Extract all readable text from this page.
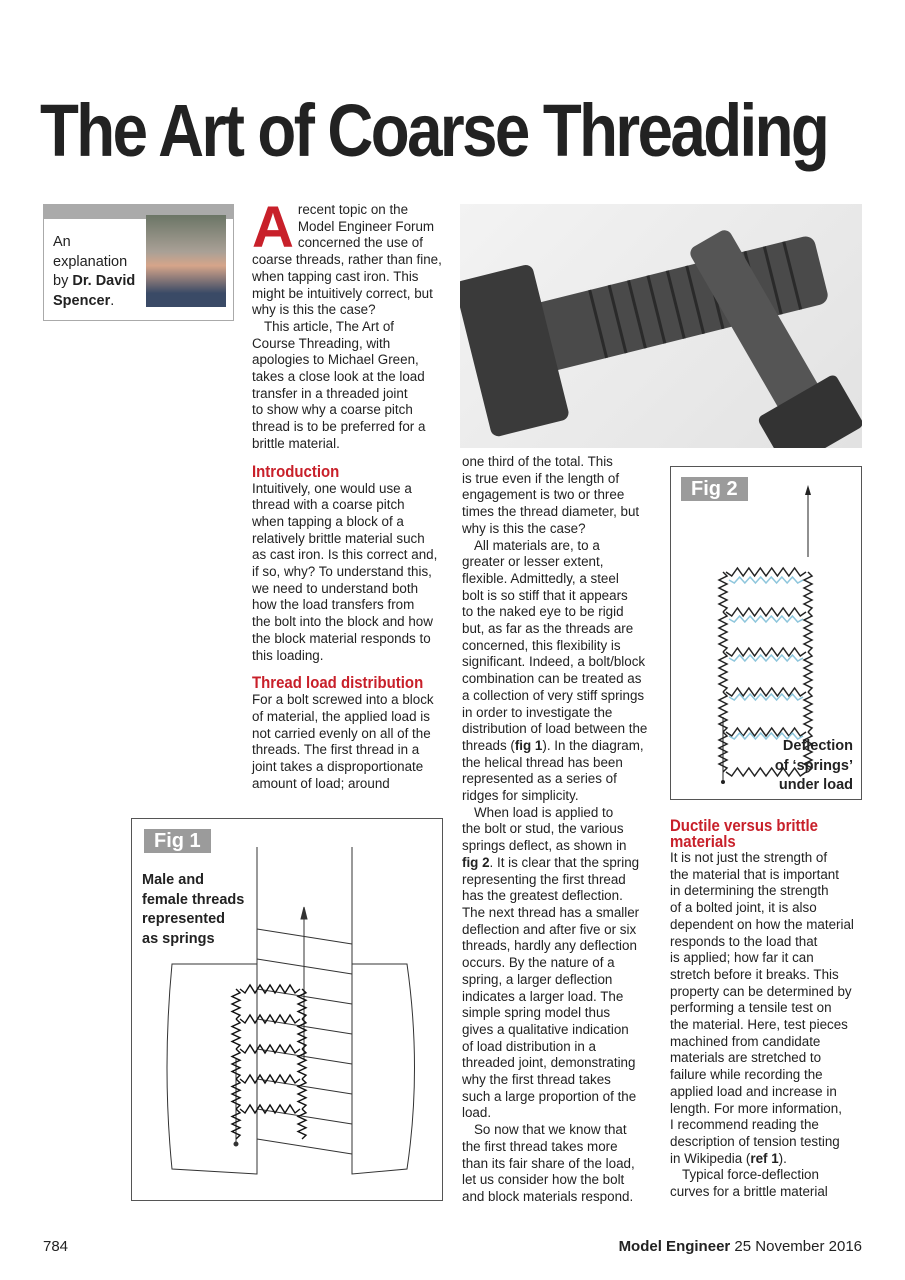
The Art of Coarse Threading
An
explanation
by Dr. David
Spencer.
A recent topic on the
Model Engineer Forum
concerned the use of
coarse threads, rather than fine,
when tapping cast iron. This
might be intuitively correct, but
why is this the case?
This article, The Art of
Course Threading, with
apologies to Michael Green,
takes a close look at the load
transfer in a threaded joint
to show why a coarse pitch
thread is to be preferred for a
brittle material.
Introduction
Intuitively, one would use a
thread with a coarse pitch
when tapping a block of a
relatively brittle material such
as cast iron. Is this correct and,
if so, why? To understand this,
we need to understand both
how the load transfers from
the bolt into the block and how
the block material responds to
this loading.
Thread load distribution
For a bolt screwed into a block
of material, the applied load is
not carried evenly on all of the
threads. The first thread in a
joint takes a disproportionate
amount of load; around
one third of the total. This
is true even if the length of
engagement is two or three
times the thread diameter, but
why is this the case?
All materials are, to a
greater or lesser extent,
flexible. Admittedly, a steel
bolt is so stiff that it appears
to the naked eye to be rigid
but, as far as the threads are
concerned, this flexibility is
significant. Indeed, a bolt/block
combination can be treated as
a collection of very stiff springs
in order to investigate the
distribution of load between the
threads (fig 1). In the diagram,
the helical thread has been
represented as a series of
ridges for simplicity.
When load is applied to
the bolt or stud, the various
springs deflect, as shown in
fig 2. It is clear that the spring
representing the first thread
has the greatest deflection.
The next thread has a smaller
deflection and after five or six
threads, hardly any deflection
occurs. By the nature of a
spring, a larger deflection
indicates a larger load. The
simple spring model thus
gives a qualitative indication
of load distribution in a
threaded joint, demonstrating
why the first thread takes
such a large proportion of the
load.
So now that we know that
the first thread takes more
than its fair share of the load,
let us consider how the bolt
and block materials respond.
Fig 2
Deflection
of ‘springs’
under load
Ductile versus brittle
materials
It is not just the strength of
the material that is important
in determining the strength
of a bolted joint, it is also
dependent on how the material
responds to the load that
is applied; how far it can
stretch before it breaks. This
property can be determined by
performing a tensile test on
the material. Here, test pieces
machined from candidate
materials are stretched to
failure while recording the
applied load and increase in
length. For more information,
I recommend reading the
description of tension testing
in Wikipedia (ref 1).
Typical force-deflection
curves for a brittle material
Fig 1
Male and
female threads
represented
as springs
784	Model Engineer 25 November 2016
